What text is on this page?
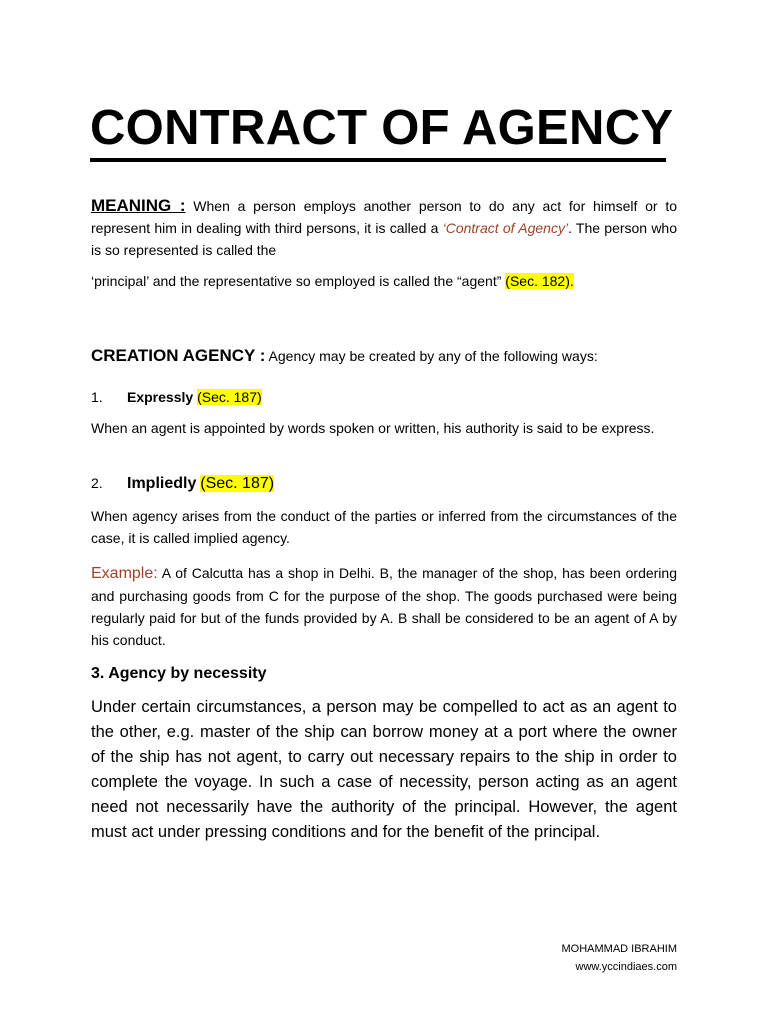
CONTRACT OF AGENCY
MEANING : When a person employs another person to do any act for himself or to represent him in dealing with third persons, it is called a ‘Contract of Agency’. The person who is so represented is called the
‘principal’ and the representative so employed is called the “agent” (Sec. 182).
CREATION AGENCY : Agency may be created by any of the following ways:
1. Expressly (Sec. 187)
When an agent is appointed by words spoken or written, his authority is said to be express.
2. Impliedly (Sec. 187)
When agency arises from the conduct of the parties or inferred from the circumstances of the case, it is called implied agency.
Example: A of Calcutta has a shop in Delhi. B, the manager of the shop, has been ordering and purchasing goods from C for the purpose of the shop. The goods purchased were being regularly paid for but of the funds provided by A. B shall be considered to be an agent of A by his conduct.
3. Agency by necessity
Under certain circumstances, a person may be compelled to act as an agent to the other, e.g. master of the ship can borrow money at a port where the owner of the ship has not agent, to carry out necessary repairs to the ship in order to complete the voyage. In such a case of necessity, person acting as an agent need not necessarily have the authority of the principal. However, the agent must act under pressing conditions and for the benefit of the principal.
MOHAMMAD IBRAHIM
www.yccindiaes.com
